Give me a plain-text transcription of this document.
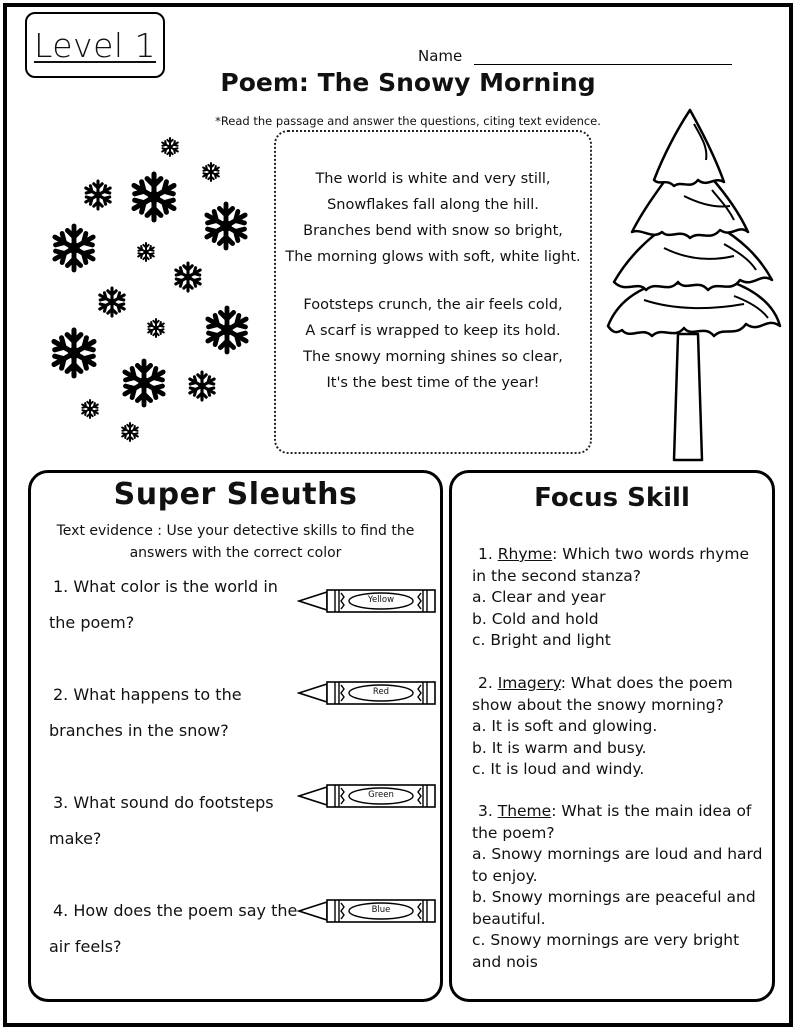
Level 1	Name
Poem: The Snowy Morning
*Read the passage and answer the questions, citing text evidence.
The world is white and very still,
Snowflakes fall along the hill.
Branches bend with snow so bright,
The morning glows with soft, white light.
Footsteps crunch, the air feels cold,
A scarf is wrapped to keep its hold.
The snowy morning shines so clear,
It's the best time of the year!
Super Sleuths
Text evidence : Use your detective skills to find the answers with the correct color
1. What color is the world in the poem?
Yellow
2. What happens to the branches in the snow?
Red
3. What sound do footsteps make?
Green
4. How does the poem say the air feels?
Blue
Focus Skill
1. Rhyme: Which two words rhyme in the second stanza?
a. Clear and year
b. Cold and hold
c. Bright and light
2. Imagery: What does the poem show about the snowy morning?
a. It is soft and glowing.
b. It is warm and busy.
c. It is loud and windy.
3. Theme: What is the main idea of the poem?
a. Snowy mornings are loud and hard to enjoy.
b. Snowy mornings are peaceful and beautiful.
c. Snowy mornings are very bright and nois
